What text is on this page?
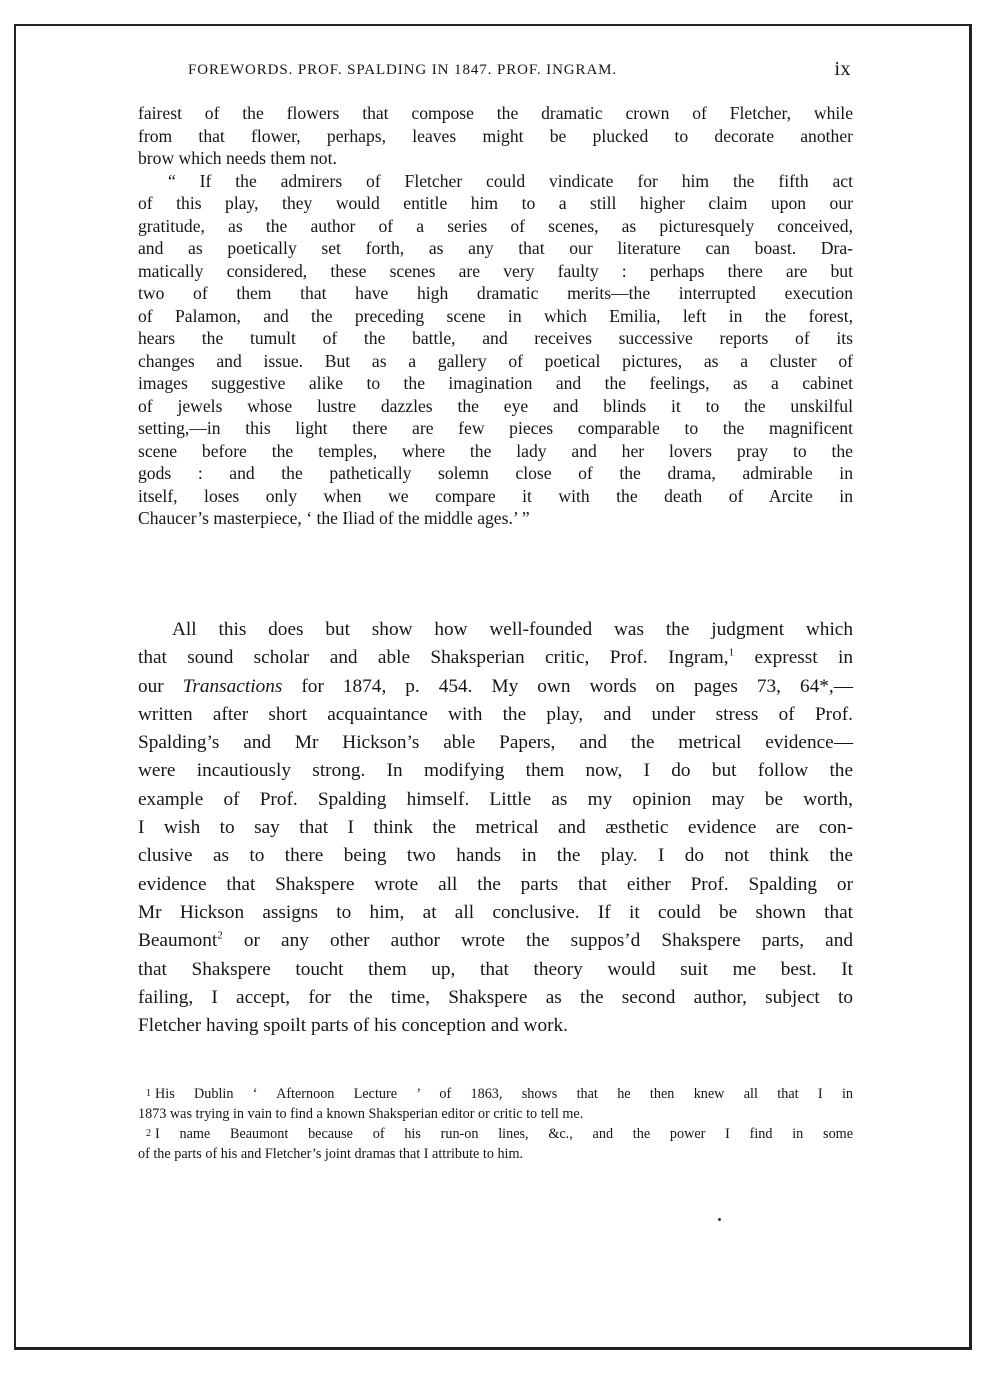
FOREWORDS. PROF. SPALDING IN 1847. PROF. INGRAM.	ix

fairest of the flowers that compose the dramatic crown of Fletcher, while
from that flower, perhaps, leaves might be plucked to decorate another
brow which needs them not.

“ If the admirers of Fletcher could vindicate for him the fifth act
of this play, they would entitle him to a still higher claim upon our
gratitude, as the author of a series of scenes, as picturesquely conceived,
and as poetically set forth, as any that our literature can boast. Dra-
matically considered, these scenes are very faulty : perhaps there are but
two of them that have high dramatic merits—the interrupted execution
of Palamon, and the preceding scene in which Emilia, left in the forest,
hears the tumult of the battle, and receives successive reports of its
changes and issue. But as a gallery of poetical pictures, as a cluster of
images suggestive alike to the imagination and the feelings, as a cabinet
of jewels whose lustre dazzles the eye and blinds it to the unskilful
setting,—in this light there are few pieces comparable to the magnificent
scene before the temples, where the lady and her lovers pray to the
gods : and the pathetically solemn close of the drama, admirable in
itself, loses only when we compare it with the death of Arcite in
Chaucer’s masterpiece, ‘ the Iliad of the middle ages.’ ”

All this does but show how well-founded was the judgment which
that sound scholar and able Shaksperian critic, Prof. Ingram,$^1$ expresst in
our Transactions for 1874, p. 454. My own words on pages 73, 64*,—
written after short acquaintance with the play, and under stress of Prof.
Spalding’s and Mr Hickson’s able Papers, and the metrical evidence—
were incautiously strong. In modifying them now, I do but follow the
example of Prof. Spalding himself. Little as my opinion may be worth,
I wish to say that I think the metrical and æsthetic evidence are con-
clusive as to there being two hands in the play. I do not think the
evidence that Shakspere wrote all the parts that either Prof. Spalding or
Mr Hickson assigns to him, at all conclusive. If it could be shown that
Beaumont$^2$ or any other author wrote the suppos’d Shakspere parts, and
that Shakspere toucht them up, that theory would suit me best. It
failing, I accept, for the time, Shakspere as the second author, subject to
Fletcher having spoilt parts of his conception and work.

1 His Dublin ‘ Afternoon Lecture ’ of 1863, shows that he then knew all that I in
1873 was trying in vain to find a known Shaksperian editor or critic to tell me.

2 I name Beaumont because of his run-on lines, &c., and the power I find in some
of the parts of his and Fletcher’s joint dramas that I attribute to him.
